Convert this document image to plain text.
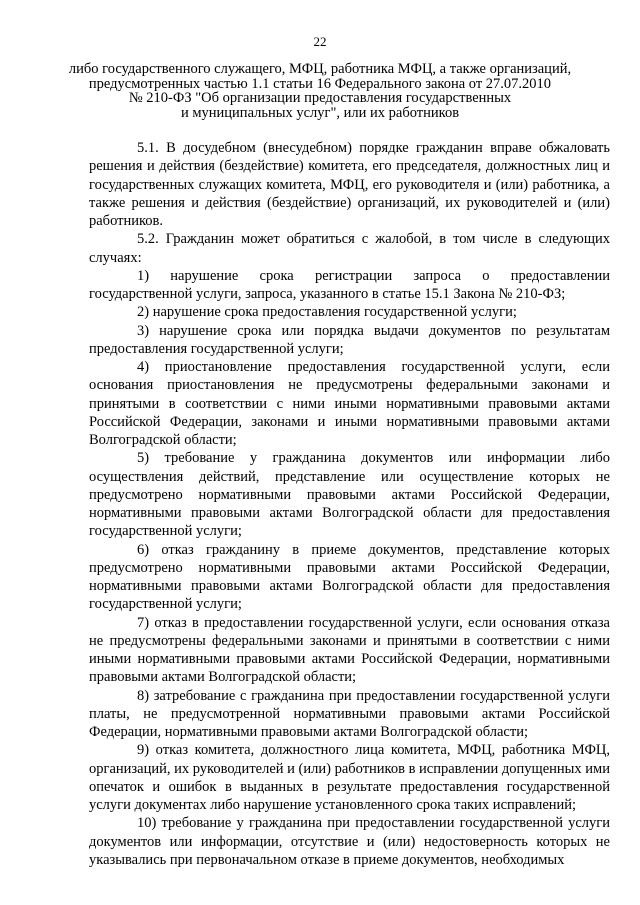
22
либо государственного служащего, МФЦ, работника МФЦ, а также организаций,
предусмотренных частью 1.1 статьи 16 Федерального закона от 27.07.2010
№ 210-ФЗ "Об организации предоставления государственных
и муниципальных услуг", или их работников

5.1. В досудебном (внесудебном) порядке гражданин вправе обжаловать решения и действия (бездействие) комитета, его председателя, должностных лиц и государственных служащих комитета, МФЦ, его руководителя и (или) работника, а также решения и действия (бездействие) организаций, их руководителей и (или) работников.

5.2. Гражданин может обратиться с жалобой, в том числе в следующих случаях:

1) нарушение срока регистрации запроса о предоставлении государственной услуги, запроса, указанного в статье 15.1 Закона № 210-ФЗ;

2) нарушение срока предоставления государственной услуги;

3) нарушение срока или порядка выдачи документов по результатам предоставления государственной услуги;

4) приостановление предоставления государственной услуги, если основания приостановления не предусмотрены федеральными законами и принятыми в соответствии с ними иными нормативными правовыми актами Российской Федерации, законами и иными нормативными правовыми актами Волгоградской области;

5) требование у гражданина документов или информации либо осуществления действий, представление или осуществление которых не предусмотрено нормативными правовыми актами Российской Федерации, нормативными правовыми актами Волгоградской области для предоставления государственной услуги;

6) отказ гражданину в приеме документов, представление которых предусмотрено нормативными правовыми актами Российской Федерации, нормативными правовыми актами Волгоградской области для предоставления государственной услуги;

7) отказ в предоставлении государственной услуги, если основания отказа не предусмотрены федеральными законами и принятыми в соответствии с ними иными нормативными правовыми актами Российской Федерации, нормативными правовыми актами Волгоградской области;

8) затребование с гражданина при предоставлении государственной услуги платы, не предусмотренной нормативными правовыми актами Российской Федерации, нормативными правовыми актами Волгоградской области;

9) отказ комитета, должностного лица комитета, МФЦ, работника МФЦ, организаций, их руководителей и (или) работников в исправлении допущенных ими опечаток и ошибок в выданных в результате предоставления государственной услуги документах либо нарушение установленного срока таких исправлений;

10) требование у гражданина при предоставлении государственной услуги документов или информации, отсутствие и (или) недостоверность которых не указывались при первоначальном отказе в приеме документов, необходимых
